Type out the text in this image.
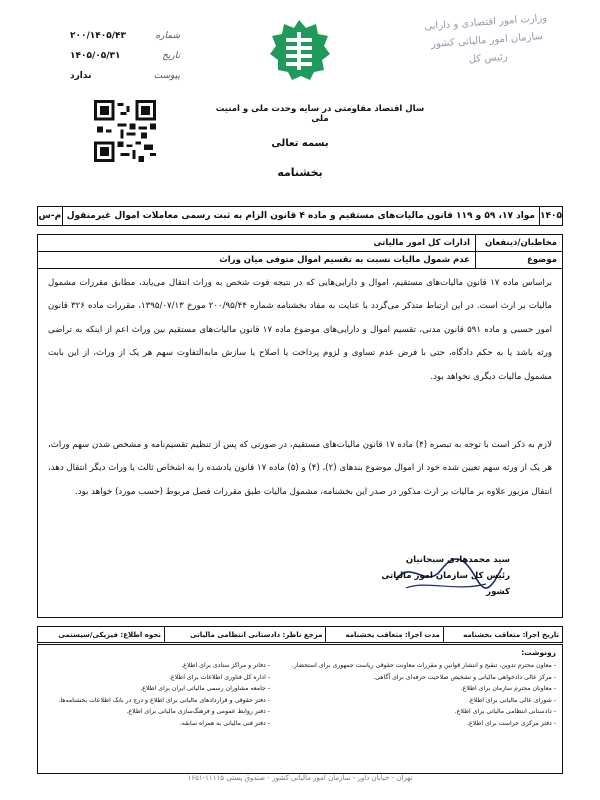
وزارت امور اقتصادی و دارایی
سازمان امور مالیاتی کشور
رئیس کل
شماره
۲۰۰/۱۴۰۵/۴۳
تاریخ
۱۴۰۵/۰۵/۳۱
پیوست
ندارد
سال اقتصاد مقاومتی در سایه وحدت ملی و امنیت ملی
بسمه تعالی
بخشنامه
۱۴۰۵
مواد ۱۷، ۵۹ و ۱۱۹ قانون مالیات‌های مستقیم و ماده ۴ قانون الزام به ثبت رسمی معاملات اموال غیرمنقول
م-س
مخاطبان/ذینفعان	ادارات کل امور مالیاتی
موضوع	عدم شمول مالیات نسبت به تقسیم اموال متوفی میان وراث
براساس ماده ۱۷ قانون مالیات‌های مستقیم، اموال و دارایی‌هایی که در نتیجه فوت شخص به وراث انتقال می‌یابد، مطابق مقررات مشمول مالیات بر ارث است. در این ارتباط متذکر می‌گردد با عنایت به مفاد بخشنامه شماره ۲۰۰/۹۵/۴۴ مورخ ۱۳۹۵/۰۷/۱۳، مقررات ماده ۳۲۶ قانون امور حسبی و ماده ۵۹۱ قانون مدنی، تقسیم اموال و دارایی‌های موضوع ماده ۱۷ قانون مالیات‌های مستقیم بین وراث اعم از اینکه به تراضی ورثه باشد یا به حکم دادگاه، حتی با فرض عدم تساوی و لزوم پرداخت یا اصلاح یا سازش مابه‌التفاوت سهم هر یک از وراث، از این بابت مشمول مالیات دیگری نخواهد بود.
لازم به ذکر است با توجه به تبصره (۴) ماده ۱۷ قانون مالیات‌های مستقیم، در صورتی که پس از تنظیم تقسیم‌نامه و مشخص شدن سهم وراث، هر یک از ورثه سهم تعیین شده خود از اموال موضوع بندهای (۲)، (۴) و (۵) ماده ۱۷ قانون یادشده را به اشخاص ثالث یا وراث دیگر انتقال دهد، انتقال مزبور علاوه بر مالیات بر ارث مذکور در صدر این بخشنامه، مشمول مالیات طبق مقررات فصل مربوط (حسب مورد) خواهد بود.
سید محمدهادی سبحانیان
رئیس کل سازمان امور مالیاتی کشور
تاریخ اجرا: متعاقب بخشنامه	مدت اجرا: متعاقب بخشنامه	مرجع ناظر: دادستانی انتظامی مالیاتی	نحوه اطلاع: فیزیکی/سیستمی
رونوشت:
- معاون محترم تدوین، تنقیح و انتشار قوانین و مقررات معاونت حقوقی ریاست جمهوری برای استحضار.
- مرکز عالی دادخواهی مالیاتی و تشخیص صلاحیت حرفه‌ای برای آگاهی.
- معاونان محترم سازمان برای اطلاع.
- شورای عالی مالیاتی برای اطلاع.
- دادستانی انتظامی مالیاتی برای اطلاع.
- دفتر مرکزی حراست برای اطلاع.
- دفاتر و مراکز ستادی برای اطلاع.
- اداره کل فناوری اطلاعات برای اطلاع.
- جامعه مشاوران رسمی مالیاتی ایران برای اطلاع.
- دفتر حقوقی و قراردادهای مالیاتی برای اطلاع و درج در بانک اطلاعات بخشنامه‌ها.
- دفتر روابط عمومی و فرهنگ‌سازی مالیاتی برای اطلاع.
- دفتر فنی مالیاتی به همراه سابقه.
تهران - خیابان داور - سازمان امور مالیاتی کشور - صندوق پستی ۱۱۱۱۵-۱۶۵۱
